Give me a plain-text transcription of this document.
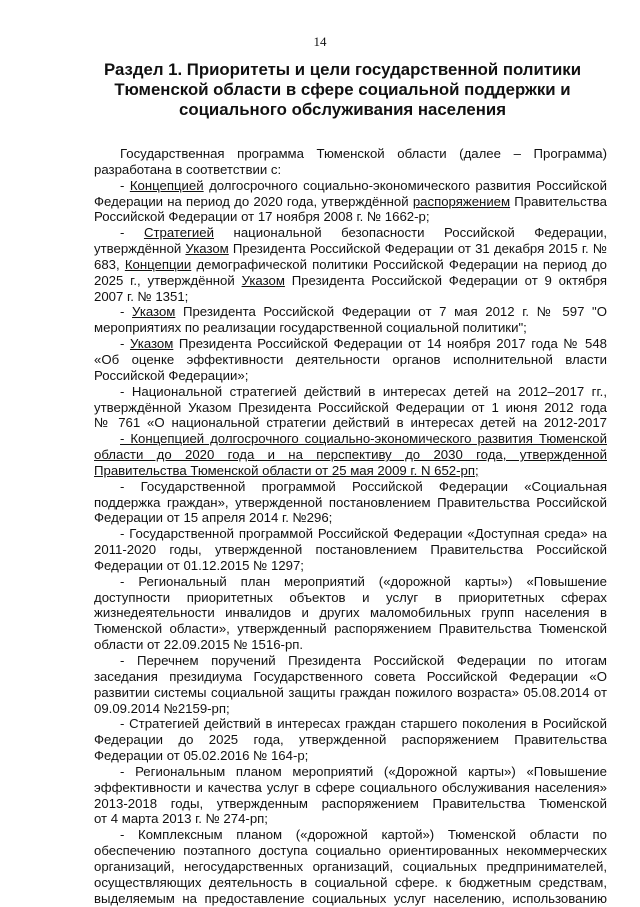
14
Раздел 1. Приоритеты и цели государственной политики
Тюменской области в сфере социальной поддержки и
социального обслуживания населения
Государственная программа Тюменской области (далее – Программа)
разработана в соответствии с:
- Концепцией долгосрочного социально-экономического развития Российской
Федерации на период до 2020 года, утверждённой распоряжением Правительства
Российской Федерации от 17 ноября 2008 г. № 1662-р;
- Стратегией национальной безопасности Российской Федерации,
утверждённой Указом Президента Российской Федерации от 31 декабря 2015 г. №
683, Концепции демографической политики Российской Федерации на период до
2025 г., утверждённой Указом Президента Российской Федерации от 9 октября
2007 г. № 1351;
- Указом Президента Российской Федерации от 7 мая 2012 г. № 597 "О
мероприятиях по реализации государственной социальной политики";
- Указом Президента Российской Федерации от 14 ноября 2017 года № 548
«Об оценке эффективности деятельности органов исполнительной власти
Российской Федерации»;
- Национальной стратегией действий в интересах детей на 2012–2017 гг.,
утверждённой Указом Президента Российской Федерации от 1 июня 2012 года
№ 761 «О национальной стратегии действий в интересах детей на 2012-2017
- Концепцией долгосрочного социально-экономического развития Тюменской
области до 2020 года и на перспективу до 2030 года, утвержденной
Правительства Тюменской области от 25 мая 2009 г. N 652-рп;
- Государственной программой Российской Федерации «Социальная
поддержка граждан», утвержденной постановлением Правительства Российской
Федерации от 15 апреля 2014 г. №296;
- Государственной программой Российской Федерации «Доступная среда» на
2011-2020 годы, утвержденной постановлением Правительства Российской
Федерации от 01.12.2015 № 1297;
- Региональный план мероприятий («дорожной карты») «Повышение
доступности приоритетных объектов и услуг в приоритетных сферах
жизнедеятельности инвалидов и других маломобильных групп населения в
Тюменской области», утвержденный распоряжением Правительства Тюменской
области от 22.09.2015 № 1516-рп.
- Перечнем поручений Президента Российской Федерации по итогам
заседания президиума Государственного совета Российской Федерации «О
развитии системы социальной защиты граждан пожилого возраста» 05.08.2014 от
09.09.2014 №2159-рп;
- Стратегией действий в интересах граждан старшего поколения в Росийской
Федерации до 2025 года, утвержденной распоряжением Правительства
Федерации от 05.02.2016 № 164-р;
- Региональным планом мероприятий («Дорожной карты») «Повышение
эффективности и качества услуг в сфере социального обслуживания населения»
2013-2018 годы, утвержденным распоряжением Правительства Тюменской
от 4 марта 2013 г. № 274-рп;
- Комплексным планом («дорожной картой») Тюменской области по
обеспечению поэтапного доступа социально ориентированных некоммерческих
организаций, негосударственных организаций, социальных предпринимателей,
осуществляющих деятельность в социальной сфере. к бюджетным средствам,
выделяемым на предоставление социальных услуг населению, использованию
